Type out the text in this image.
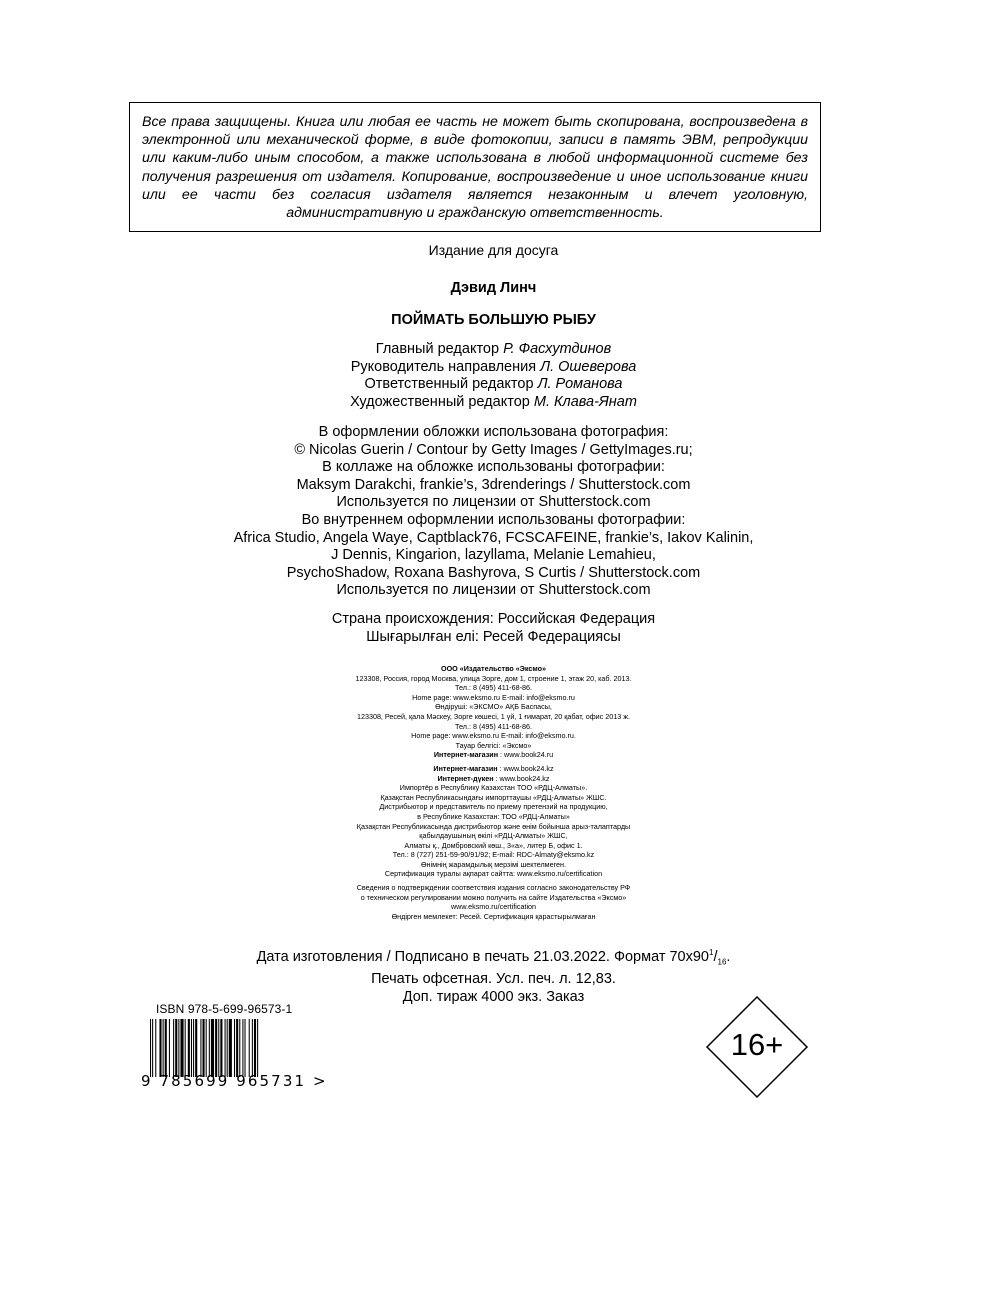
Все права защищены. Книга или любая ее часть не может быть скопирована, воспроизведена в электронной или механической форме, в виде фотокопии, записи в память ЭВМ, репродукции или каким-либо иным способом, а также использована в любой информационной системе без получения разрешения от издателя. Копирование, воспроизведение и иное использование книги или ее части без согласия издателя является незаконным и влечет уголовную, административную и гражданскую ответственность.

Издание для досуга
Дэвид Линч
ПОЙМАТЬ БОЛЬШУЮ РЫБУ
Главный редактор Р. Фасхутдинов
Руководитель направления Л. Ошеверова
Ответственный редактор Л. Романова
Художественный редактор М. Клава-Янат
В оформлении обложки использована фотография:
© Nicolas Guerin / Contour by Getty Images / GettyImages.ru;
В коллаже на обложке использованы фотографии:
Maksym Darakchi, frankie’s, 3drenderings / Shutterstock.com
Используется по лицензии от Shutterstock.com
Во внутреннем оформлении использованы фотографии:
Africa Studio, Angela Waye, Captblack76, FCSCAFEINE, frankie’s, Iakov Kalinin,
J Dennis, Kingarion, lazyllama, Melanie Lemahieu,
PsychoShadow, Roxana Bashyrova, S Curtis / Shutterstock.com
Используется по лицензии от Shutterstock.com
Страна происхождения: Российская Федерация
Шығарылған елі: Ресей Федерациясы
ООО «Издательство «Эксмо»
123308, Россия, город Москва, улица Зорге, дом 1, строение 1, этаж 20, каб. 2013.
Тел.: 8 (495) 411-68-86.
Home page: www.eksmo.ru E-mail: info@eksmo.ru
Өндіруші: «ЭКСМО» АҚБ Баспасы,
123308, Ресей, қала Мәскеу, Зорге көшесі, 1 үй, 1 ғимарат, 20 қабат, офис 2013 ж.
Тел.: 8 (495) 411-68-86.
Home page: www.eksmo.ru E-mail: info@eksmo.ru.
Тауар белгісі: «Эксмо»
Интернет-магазин : www.book24.ru
Интернет-магазин : www.book24.kz
Интернет-дүкен : www.book24.kz
Импортёр в Республику Казахстан ТОО «РДЦ-Алматы».
Қазақстан Республикасындағы импорттаушы «РДЦ-Алматы» ЖШС.
Дистрибьютор и представитель по приему претензий на продукцию,
в Республике Казахстан: ТОО «РДЦ-Алматы»
Қазақстан Республикасында дистрибьютор және өнім бойынша арыз-талаптарды
қабылдаушының өкілі «РДЦ-Алматы» ЖШС,
Алматы қ., Домбровский көш., 3«а», литер Б, офис 1.
Тел.: 8 (727) 251-59-90/91/92; E-mail: RDC-Almaty@eksmo.kz
Өнімнің жарамдылық мерзімі шектелмеген.
Сертификация туралы ақпарат сайтта: www.eksmo.ru/certification
Сведения о подтверждении соответствия издания согласно законодательству РФ
о техническом регулировании можно получить на сайте Издательства «Эксмо»
www.eksmo.ru/certification
Өндірген мемлекет: Ресей. Сертификация қарастырылмаған
Дата изготовления / Подписано в печать 21.03.2022. Формат $70х90^1/_{16}$.
Печать офсетная. Усл. печ. л. 12,83.
Доп. тираж 4000 экз. Заказ
ISBN 978-5-699-96573-1
9 785699 965731 >
16+
